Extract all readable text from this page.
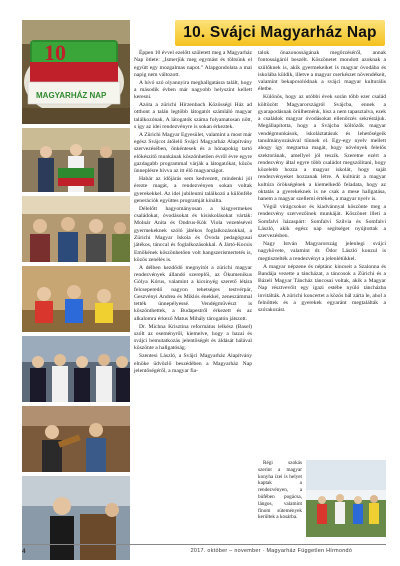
10
MAGYARHÁZ NAP
10. Svájci Magyarház Nap

Éppen 10 évvel ezelőtt született meg a Magyarház Nap ötlete: „Ismerjük meg egymást és töltsünk el együtt egy mozgalmas napot.” Alapgondolata a mai napig nem változott.

A hívó szó olyannyira meghallgatásra talált, hogy a második évben már nagyobb helyszínt kellett keresni.

Azóta a zürichi Hirzenbach Közösségi Ház ad otthont a talán legtöbb látogatót számláló magyar találkozónak. A látogatók száma folyamatosan nőtt, s így az idei rendezvényre is sokan érkeztek.

A Zürichi Magyar Egyesület, valamint a most már egész Svájcot átölelő Svájci Magyarház Alapítvány szervezésében, önkéntesek és a hónapokig tartó előkészítő munkának köszönhetően évről évre egyre gazdagabb programmal várják a látogatókat, közös ünneplésre hívva az itt élő magyarságot.

Habár az időjárás sem kedvezett, mindenki jól érezte magát, a rendezvényen sokan voltak gyerekekkel. Az idei jubileumi találkozó a különféle generációk együttes programját kínálta.

Délelőtt hagyományosan a kisgyermekes családokat, óvodásokat és kisiskolásokat várták: Molnár Anita és Ondrus-Kók Viola vezetésével gyermekeknek szóló játékos foglalkozásokkal, a Zürichi Magyar Iskola és Óvoda pedagógusai játékos, tánccal és foglalkozásokkal. A Jártó-Kocsis Emőkének köszönhetően volt hangszerismertetés is, közös zenélés is.

A délben kezdődő megnyitót a zürichi magyar rendezvények állandó szereplői, az Ökumenikus Gólya Kórus, valamint a kicsinyég szerető létára felcseperedő nagyon tehetséges testvérpár, Geszvényi Andrea és Miklós énekkel, zeneszámmal tették ünnepélyessé. Vendégművészt is köszönthettek, a Budapestről érkezett és az alkalomra érkező Matus Mihály tárogatón játszott.

Dr. Michna Krisztina református lelkész (Basel) szólt az eseményről, kiemelve, hogy a hazai és svájci bemutatkozás jelentőségét és áldását hálával köszönte a hallgatóság.

Szentesi László, a Svájci Magyarház Alapítvány elnöke üdvözlő beszédében a Magyarház Nap jelentőségéről, a magyar fia-

talok önazonosságának megőrzéséről, annak fontosságáról beszélt. Köszönetet mondott azoknak a szülőknek is, akik gyermekeiket is magyar óvodába és iskolába küldik, illetve a magyar cserkészet növendékeit, valamint bekapcsolódnak a svájci magyar kulturális életbe.

Különös, hogy az utóbbi évek során több ezer család költözött Magyarországról Svájcba, ennek a gyarapodásnak örülhetnénk, hisz a nem tapasztalva, ezek a családok magyar óvodásokat ellenőrzés sekréstájuk. Megállapította, hogy a Svájcba költözők magyar vendégmunkások, iskoláztatásuk és lehetőségeik tanulmányozásával tűnnek el. Egy-egy nyelv mellett ahogy így megtartsa magát, hogy növények felelős szektorának, amellyel jól teszik. Szeretne ezért a rendezvény által egyre több családot megszólítani, hogy közelebb hozza a magyar iskolát, hogy saját rendezvényeket hozzanak létre. A kultúrát a magyar kultúra örökségének a kiemelkedő feladata, hogy az oktatás a gyerekeknek is ne csak a mese hallgatása, hanem a magyar szellemi értékek, a magyar nyelv is.

Végül virágcsokor és kiadvánnyal köszönte meg a rendezvény szervezőinek munkáját. Köszönet illeti a Somfalvi házaspárt: Somfalvi Szilvia és Somfalvi László, akik egész nap segítséget nyújtottak a szervezésben.

Nagy István Magyarország jelenlegi svájci nagykövete, valamint dr. Ódor László konzul is megtisztelték a rendezvényt a jelenlétükkel.

A magyar népzene és néptánc kincseit a Szalonna és Bandája vezette a táncházat, a táncosok a Zürichi és a Bázeli Magyar Táncház táncosai voltak, akik a Magyar Nap résztvevőit egy igazi estébe nyúló táncházba invitálták. A zürichi koncertet a közös bál zárta le, ahol a felnőttek és a gyerekek egyaránt megtalálták a szórakozást.

Régi szokás szerint a magyar konyha ízei is helyet kaptak a rendezvényen, a büfében pogácsa, lángos, valamint finom sütemények kerültek a kosárba.

4	2017. október – november · Magyarház Független Hírmondó
